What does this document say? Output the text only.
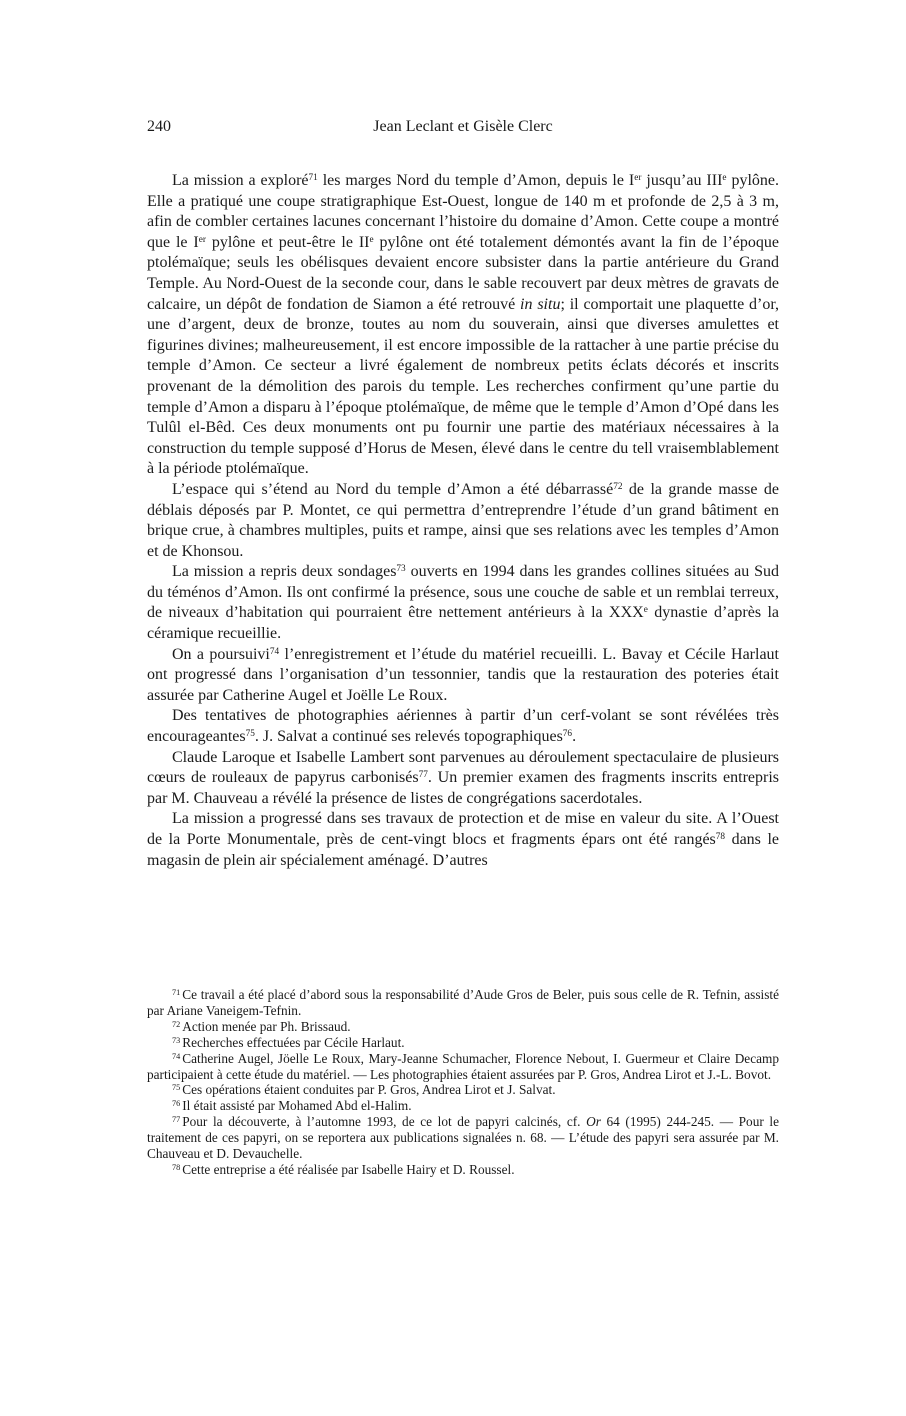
240	Jean Leclant et Gisèle Clerc

La mission a exploré$^{71}$ les marges Nord du temple d’Amon, depuis le Ier jusqu’au IIIe pylône. Elle a pratiqué une coupe stratigraphique Est-Ouest, longue de 140 m et profonde de 2,5 à 3 m, afin de combler certaines lacunes concernant l’histoire du domaine d’Amon. Cette coupe a montré que le Ier pylône et peut-être le IIe pylône ont été totalement démontés avant la fin de l’époque ptolémaïque; seuls les obélisques devaient encore subsister dans la partie antérieure du Grand Temple. Au Nord-Ouest de la seconde cour, dans le sable recouvert par deux mètres de gravats de calcaire, un dépôt de fondation de Siamon a été retrouvé in situ; il comportait une plaquette d’or, une d’argent, deux de bronze, toutes au nom du souverain, ainsi que diverses amulettes et figurines divines; malheureusement, il est encore impossible de la rattacher à une partie précise du temple d’Amon. Ce secteur a livré également de nombreux petits éclats décorés et inscrits provenant de la démolition des parois du temple. Les recherches confirment qu’une partie du temple d’Amon a disparu à l’époque ptolémaïque, de même que le temple d’Amon d’Opé dans les Tulûl el-Bêd. Ces deux monuments ont pu fournir une partie des matériaux nécessaires à la construction du temple supposé d’Horus de Mesen, élevé dans le centre du tell vraisemblablement à la période ptolémaïque.

L’espace qui s’étend au Nord du temple d’Amon a été débarrassé$^{72}$ de la grande masse de déblais déposés par P. Montet, ce qui permettra d’entreprendre l’étude d’un grand bâtiment en brique crue, à chambres multiples, puits et rampe, ainsi que ses relations avec les temples d’Amon et de Khonsou.

La mission a repris deux sondages$^{73}$ ouverts en 1994 dans les grandes collines situées au Sud du téménos d’Amon. Ils ont confirmé la présence, sous une couche de sable et un remblai terreux, de niveaux d’habitation qui pourraient être nettement antérieurs à la XXXe dynastie d’après la céramique recueillie.

On a poursuivi$^{74}$ l’enregistrement et l’étude du matériel recueilli. L. Bavay et Cécile Harlaut ont progressé dans l’organisation d’un tessonnier, tandis que la restauration des poteries était assurée par Catherine Augel et Joëlle Le Roux.

Des tentatives de photographies aériennes à partir d’un cerf-volant se sont révélées très encourageantes$^{75}$. J. Salvat a continué ses relevés topographiques$^{76}$.

Claude Laroque et Isabelle Lambert sont parvenues au déroulement spectaculaire de plusieurs cœurs de rouleaux de papyrus carbonisés$^{77}$. Un premier examen des fragments inscrits entrepris par M. Chauveau a révélé la présence de listes de congrégations sacerdotales.

La mission a progressé dans ses travaux de protection et de mise en valeur du site. A l’Ouest de la Porte Monumentale, près de cent-vingt blocs et fragments épars ont été rangés$^{78}$ dans le magasin de plein air spécialement aménagé. D’autres

$^{71}$ Ce travail a été placé d’abord sous la responsabilité d’Aude Gros de Beler, puis sous celle de R. Tefnin, assisté par Ariane Vaneigem-Tefnin.

$^{72}$ Action menée par Ph. Brissaud.

$^{73}$ Recherches effectuées par Cécile Harlaut.

$^{74}$ Catherine Augel, Jöelle Le Roux, Mary-Jeanne Schumacher, Florence Nebout, I. Guermeur et Claire Decamp participaient à cette étude du matériel. — Les photographies étaient assurées par P. Gros, Andrea Lirot et J.-L. Bovot.

$^{75}$ Ces opérations étaient conduites par P. Gros, Andrea Lirot et J. Salvat.

$^{76}$ Il était assisté par Mohamed Abd el-Halim.

$^{77}$ Pour la découverte, à l’automne 1993, de ce lot de papyri calcinés, cf. Or 64 (1995) 244-245. — Pour le traitement de ces papyri, on se reportera aux publications signalées n. 68. — L’étude des papyri sera assurée par M. Chauveau et D. Devauchelle.

$^{78}$ Cette entreprise a été réalisée par Isabelle Hairy et D. Roussel.
